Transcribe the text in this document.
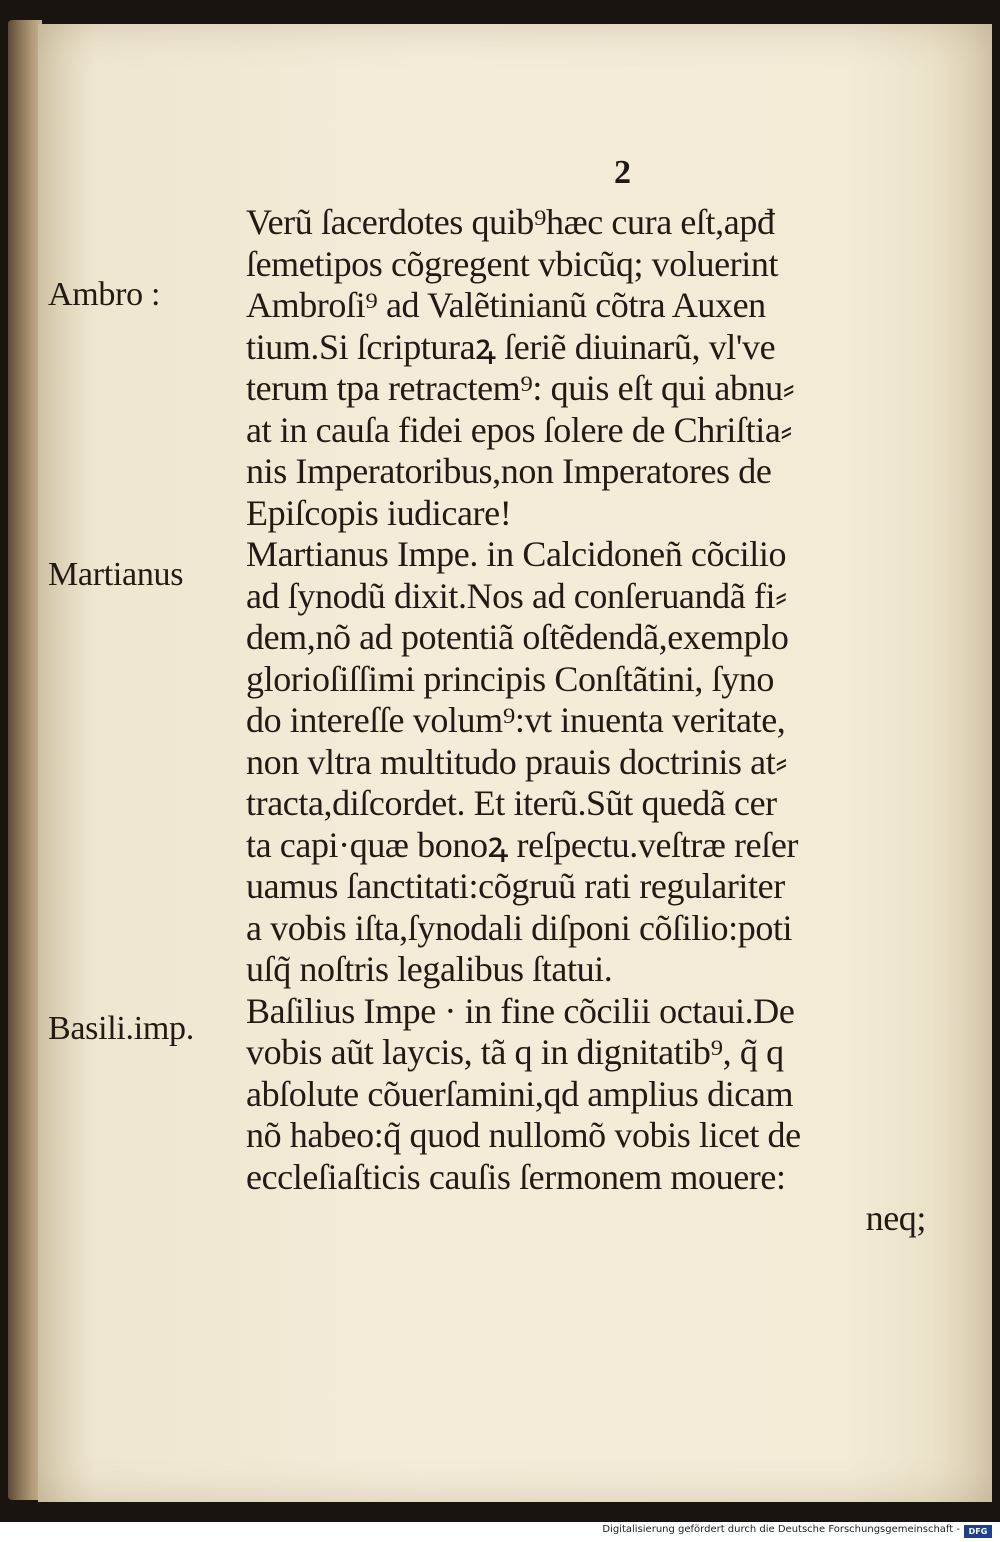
2
Ambro :
Martianus
Basili.imp.
Verũ ſacerdotes quib⁹hæc cura eſt,apđ
ſemetipos cõgregent vbicũq; voluerint
Ambroſi⁹ ad Valẽtinianũ cõtra Auxen
tium.Si ſcripturaꝝ ſeriẽ diuinarũ, vl've
terum tpa retractem⁹: quis eſt qui abnu⸗
at in cauſa fidei epos ſolere de Chriſtia⸗
nis Imperatoribus,non Imperatores de
Epiſcopis iudicare!
Martianus Impe. in Calcidoneñ cõcilio
ad ſynodũ dixit.Nos ad conſeruandã fi⸗
dem,nõ ad potentiã oſtẽdendã,exemplo
glorioſiſſimi principis Conſtãtini, ſyno
do intereſſe volum⁹:vt inuenta veritate,
non vltra multitudo prauis doctrinis at⸗
tracta,diſcordet. Et iterũ.Sũt quedã cer
ta capi·quæ bonoꝝ reſpectu.veſtræ reſer
uamus ſanctitati:cõgruũ rati regulariter
a vobis iſta,ſynodali diſponi cõſilio:poti
uſq̃ noſtris legalibus ſtatui.
Baſilius Impe · in fine cõcilii octaui.De
vobis aũt laycis, tã q in dignitatib⁹, q̃ q
abſolute cõuerſamini,qd amplius dicam
nõ habeo:q̃ quod nullomõ vobis licet de
eccleſiaſticis cauſis ſermonem mouere:
neq;
Digitalisierung gefördert durch die Deutsche Forschungsgemeinschaft -	DFG
